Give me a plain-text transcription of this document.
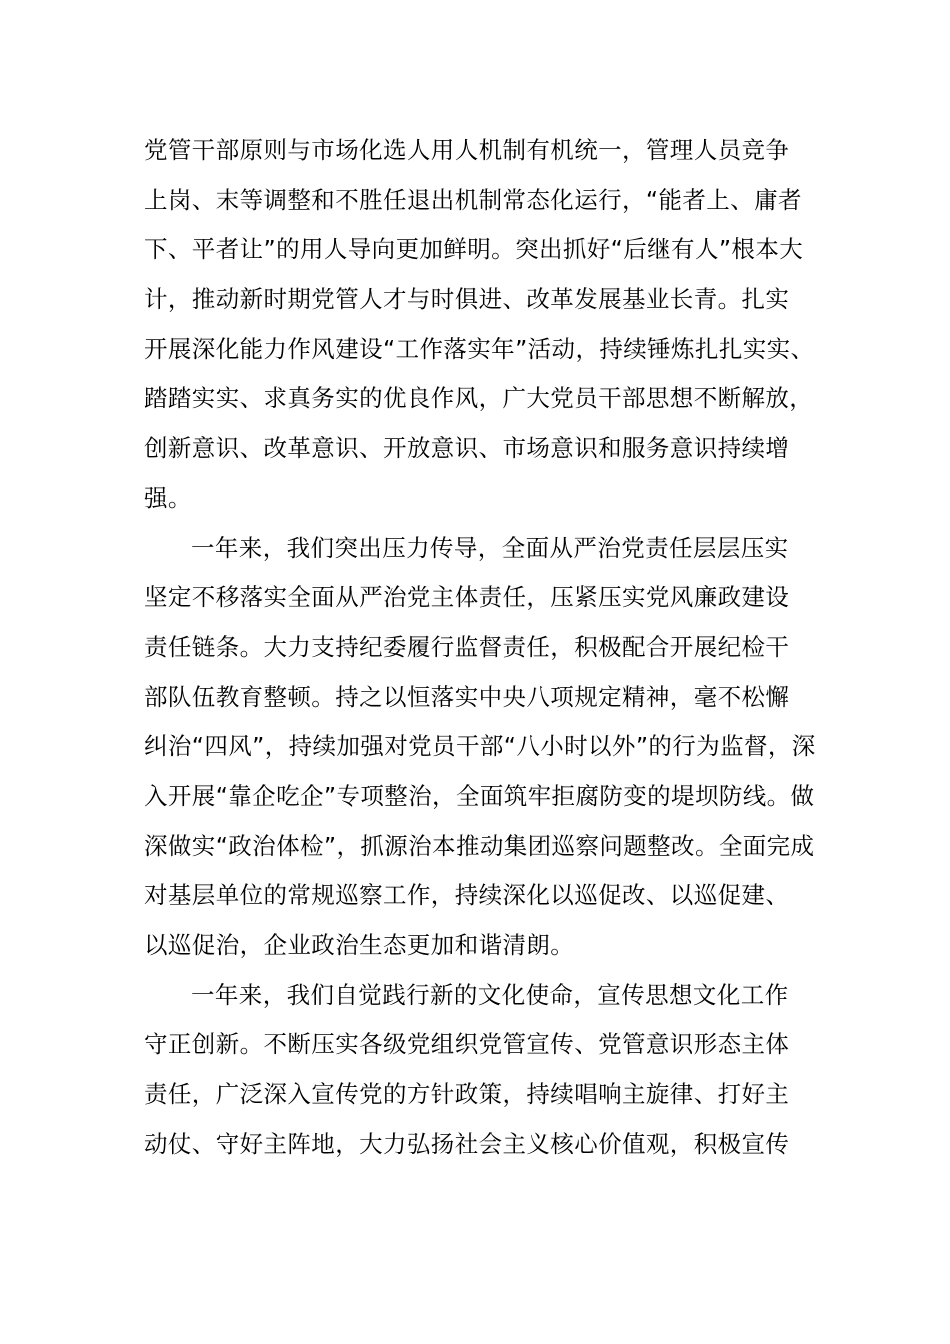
党管干部原则与市场化选人用人机制有机统一，管理人员竞争
上岗、末等调整和不胜任退出机制常态化运行，“能者上、庸者
下、平者让”的用人导向更加鲜明。突出抓好“后继有人”根本大
计，推动新时期党管人才与时俱进、改革发展基业长青。扎实
开展深化能力作风建设“工作落实年”活动，持续锤炼扎扎实实、
踏踏实实、求真务实的优良作风，广大党员干部思想不断解放，
创新意识、改革意识、开放意识、市场意识和服务意识持续增
强。
一年来，我们突出压力传导，全面从严治党责任层层压实
坚定不移落实全面从严治党主体责任，压紧压实党风廉政建设
责任链条。大力支持纪委履行监督责任，积极配合开展纪检干
部队伍教育整顿。持之以恒落实中央八项规定精神，毫不松懈
纠治“四风”，持续加强对党员干部“八小时以外”的行为监督，深
入开展“靠企吃企”专项整治，全面筑牢拒腐防变的堤坝防线。做
深做实“政治体检”，抓源治本推动集团巡察问题整改。全面完成
对基层单位的常规巡察工作，持续深化以巡促改、以巡促建、
以巡促治，企业政治生态更加和谐清朗。
一年来，我们自觉践行新的文化使命，宣传思想文化工作
守正创新。不断压实各级党组织党管宣传、党管意识形态主体
责任，广泛深入宣传党的方针政策，持续唱响主旋律、打好主
动仗、守好主阵地，大力弘扬社会主义核心价值观，积极宣传
